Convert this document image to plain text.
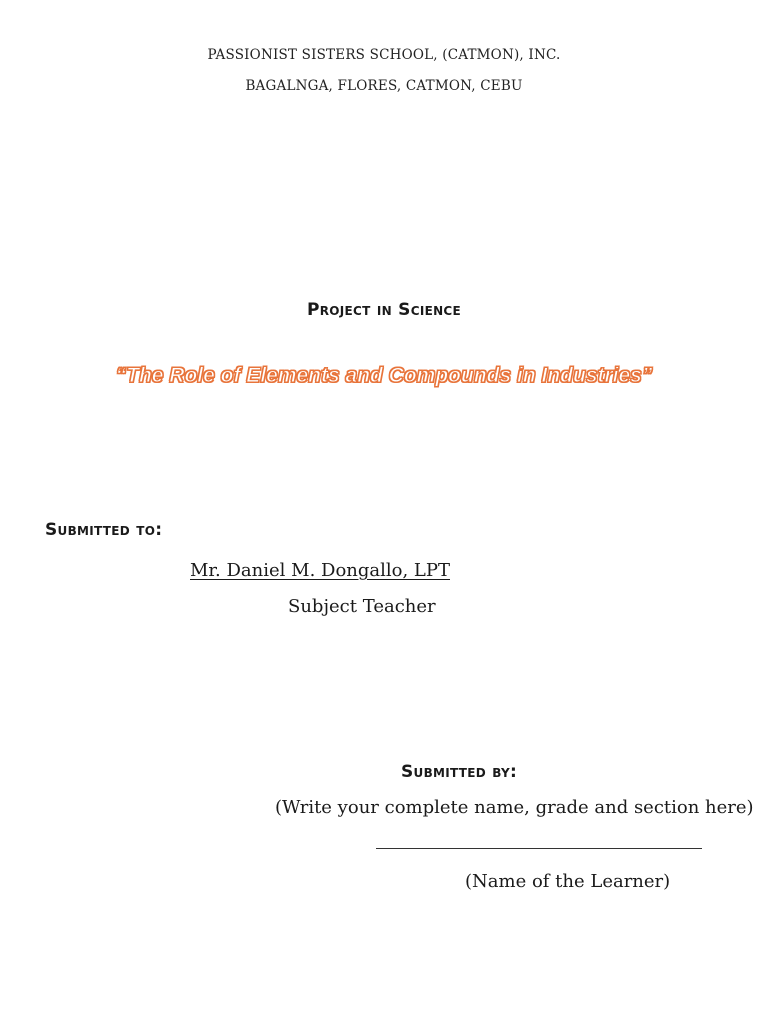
PASSIONIST SISTERS SCHOOL, (CATMON), INC.

BAGALNGA, FLORES, CATMON, CEBU

Project in Science

“The Role of Elements and Compounds in Industries”

Submitted to:

Mr. Daniel M. Dongallo, LPT

Subject Teacher

Submitted by:

(Write your complete name, grade and section here)

(Name of the Learner)
